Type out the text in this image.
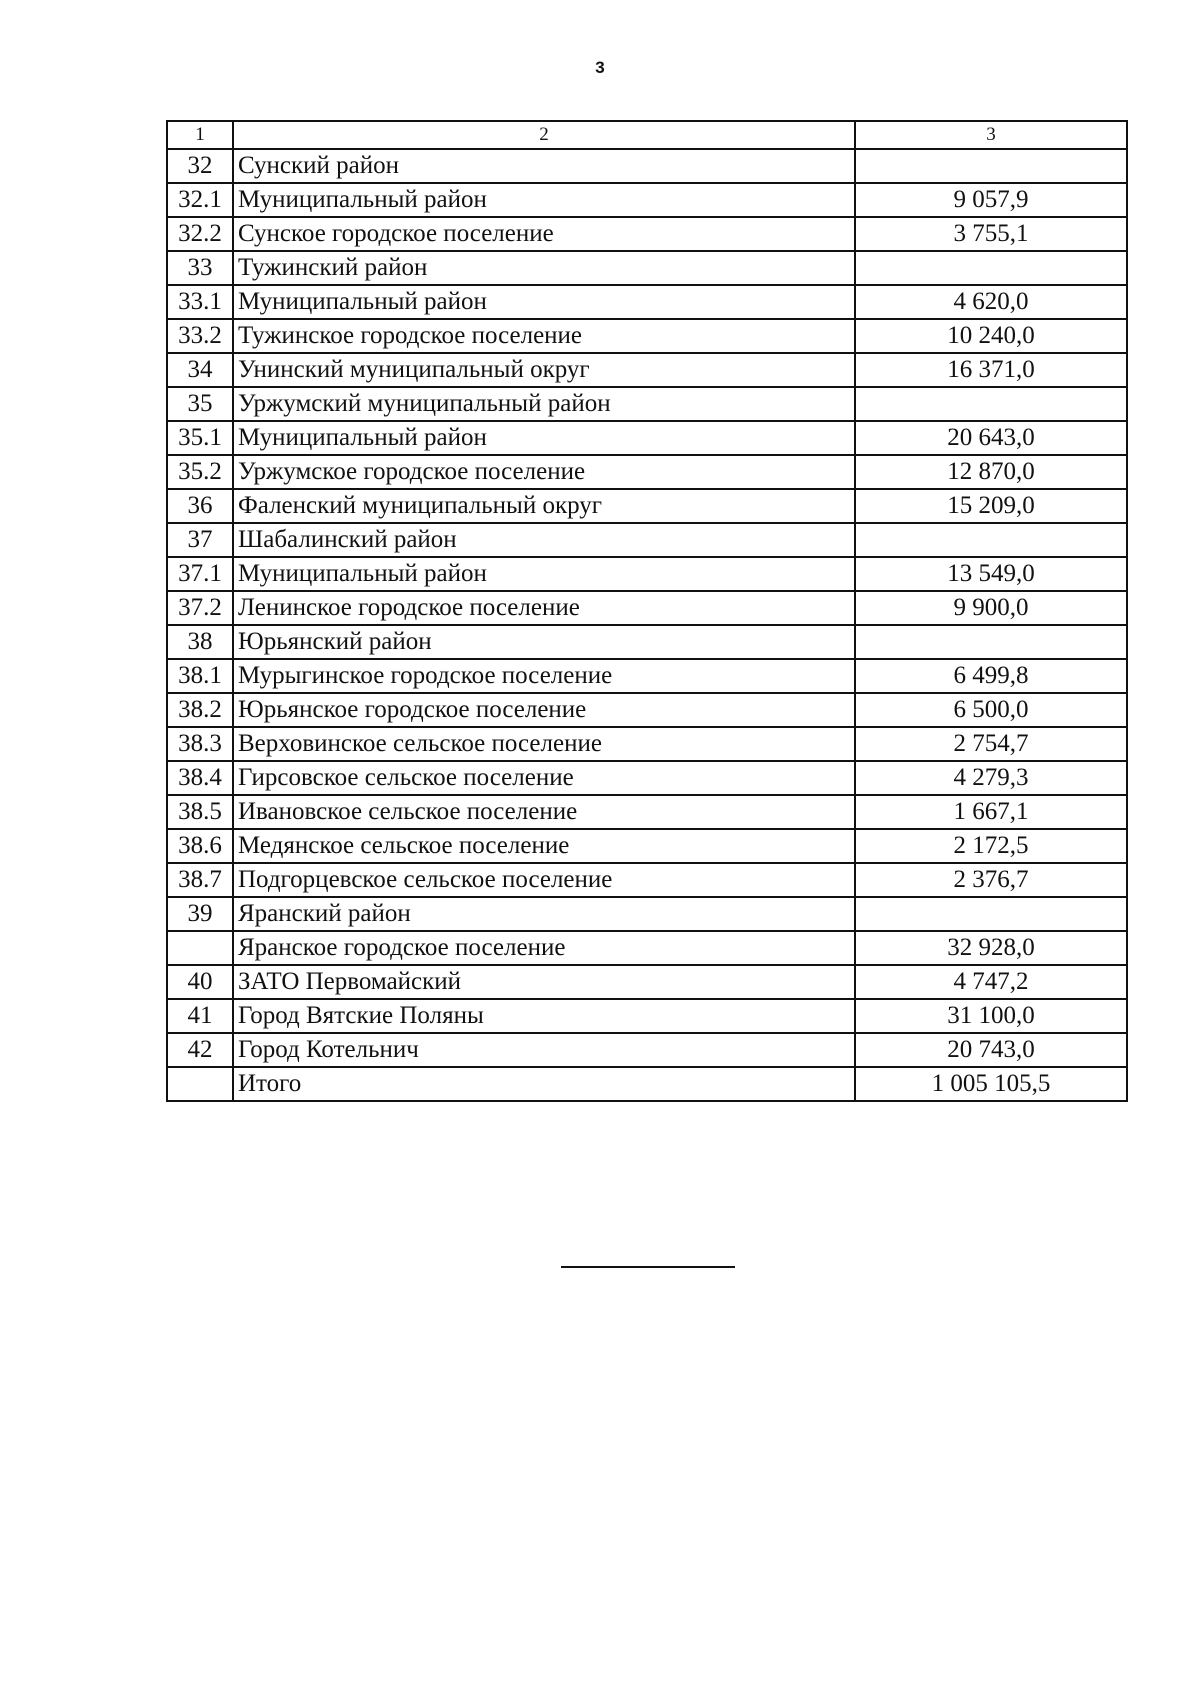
3
1	2	3
32	Сунский район	
32.1	Муниципальный район	9 057,9
32.2	Сунское городское поселение	3 755,1
33	Тужинский район	
33.1	Муниципальный район	4 620,0
33.2	Тужинское городское поселение	10 240,0
34	Унинский муниципальный округ	16 371,0
35	Уржумский муниципальный район	
35.1	Муниципальный район	20 643,0
35.2	Уржумское городское поселение	12 870,0
36	Фаленский муниципальный округ	15 209,0
37	Шабалинский район	
37.1	Муниципальный район	13 549,0
37.2	Ленинское городское поселение	9 900,0
38	Юрьянский район	
38.1	Мурыгинское городское поселение	6 499,8
38.2	Юрьянское городское поселение	6 500,0
38.3	Верховинское сельское поселение	2 754,7
38.4	Гирсовское сельское поселение	4 279,3
38.5	Ивановское сельское поселение	1 667,1
38.6	Медянское сельское поселение	2 172,5
38.7	Подгорцевское сельское поселение	2 376,7
39	Яранский район	
	Яранское городское поселение	32 928,0
40	ЗАТО Первомайский	4 747,2
41	Город Вятские Поляны	31 100,0
42	Город Котельнич	20 743,0
	Итого	1 005 105,5
